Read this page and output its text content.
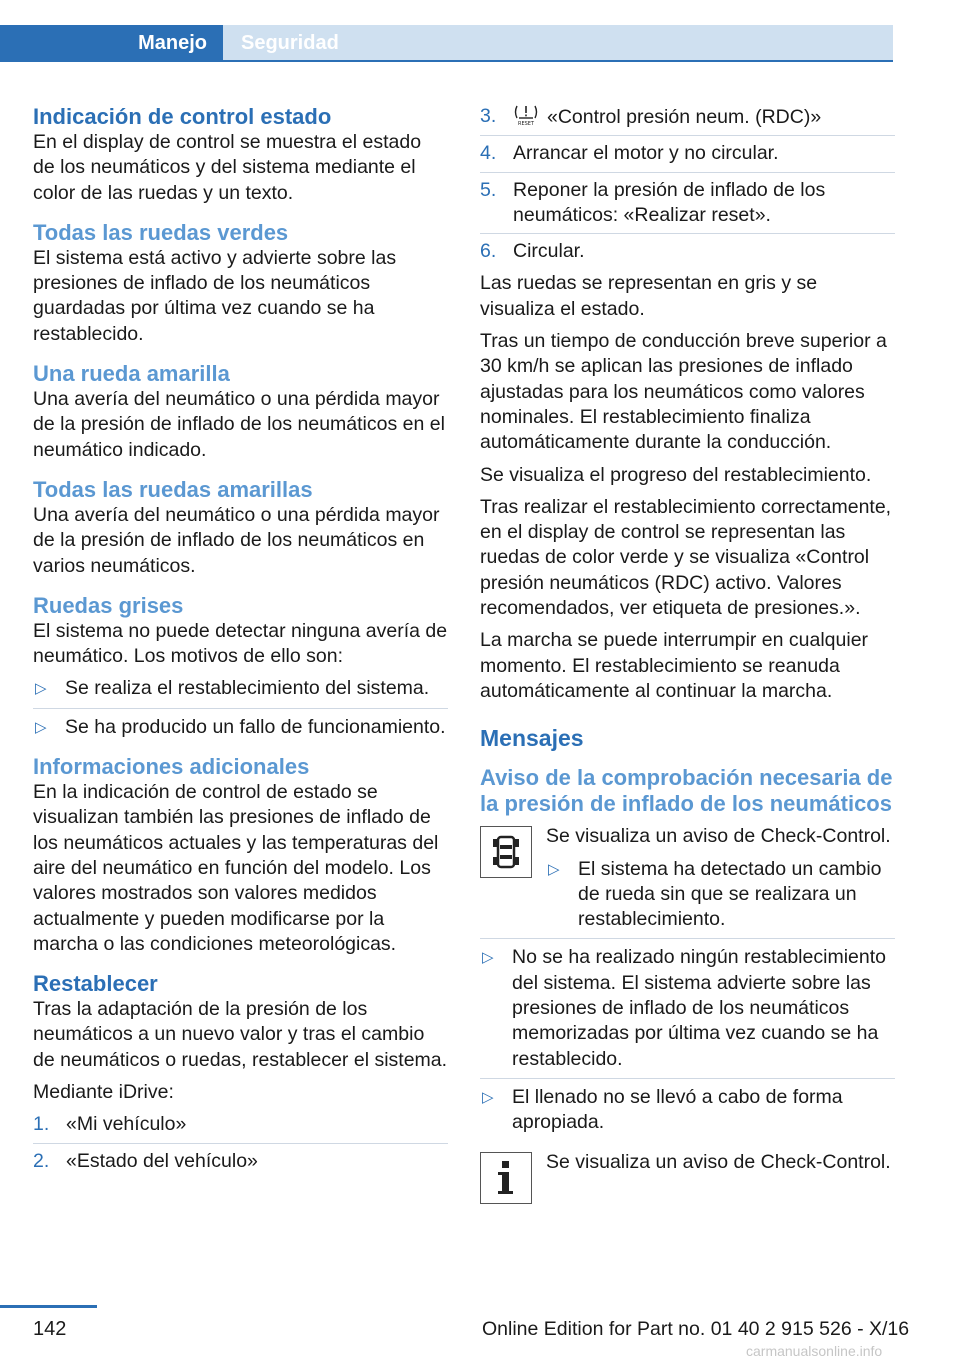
Manejo	Seguridad
Indicación de control estado

En el display de control se muestra el estado de los neumáticos y del sistema mediante el color de las ruedas y un texto.

Todas las ruedas verdes

El sistema está activo y advierte sobre las presiones de inflado de los neumáticos guardadas por última vez cuando se ha restablecido.

Una rueda amarilla

Una avería del neumático o una pérdida mayor de la presión de inflado de los neumáticos en el neumático indicado.

Todas las ruedas amarillas

Una avería del neumático o una pérdida mayor de la presión de inflado de los neumáticos en varios neumáticos.

Ruedas grises

El sistema no puede detectar ninguna avería de neumático. Los motivos de ello son:

▷ Se realiza el restablecimiento del sistema.
▷ Se ha producido un fallo de funcionamiento.
Informaciones adicionales

En la indicación de control de estado se visualizan también las presiones de inflado de los neumáticos actuales y las temperaturas del aire del neumático en función del modelo. Los valores mostrados son valores medidos actualmente y pueden modificarse por la marcha o las condiciones meteorológicas.

Restablecer

Tras la adaptación de la presión de los neumáticos a un nuevo valor y tras el cambio de neumáticos o ruedas, restablecer el sistema.

Mediante iDrive:

1. «Mi vehículo»
2. «Estado del vehículo»
3.	RESET «Control presión neum. (RDC)»
4. Arrancar el motor y no circular.
5. Reponer la presión de inflado de los neumáticos: «Realizar reset».
6. Circular.

Las ruedas se representan en gris y se visualiza el estado.

Tras un tiempo de conducción breve superior a 30 km/h se aplican las presiones de inflado ajustadas para los neumáticos como valores nominales. El restablecimiento finaliza automáticamente durante la conducción.

Se visualiza el progreso del restablecimiento.

Tras realizar el restablecimiento correctamente, en el display de control se representan las ruedas de color verde y se visualiza «Control presión neumáticos (RDC) activo. Valores recomendados, ver etiqueta de presiones.».

La marcha se puede interrumpir en cualquier momento. El restablecimiento se reanuda automáticamente al continuar la marcha.

Mensajes
Aviso de la comprobación necesaria de la presión de inflado de los neumáticos

Se visualiza un aviso de Check-Control.

▷ El sistema ha detectado un cambio de rueda sin que se realizara un restablecimiento.
▷ No se ha realizado ningún restablecimiento del sistema. El sistema advierte sobre las presiones de inflado de los neumáticos memorizadas por última vez cuando se ha restablecido.
▷ El llenado no se llevó a cabo de forma apropiada.

Se visualiza un aviso de Check-Control.

142	Online Edition for Part no. 01 40 2 915 526 - X/16
carmanualsonline.info
